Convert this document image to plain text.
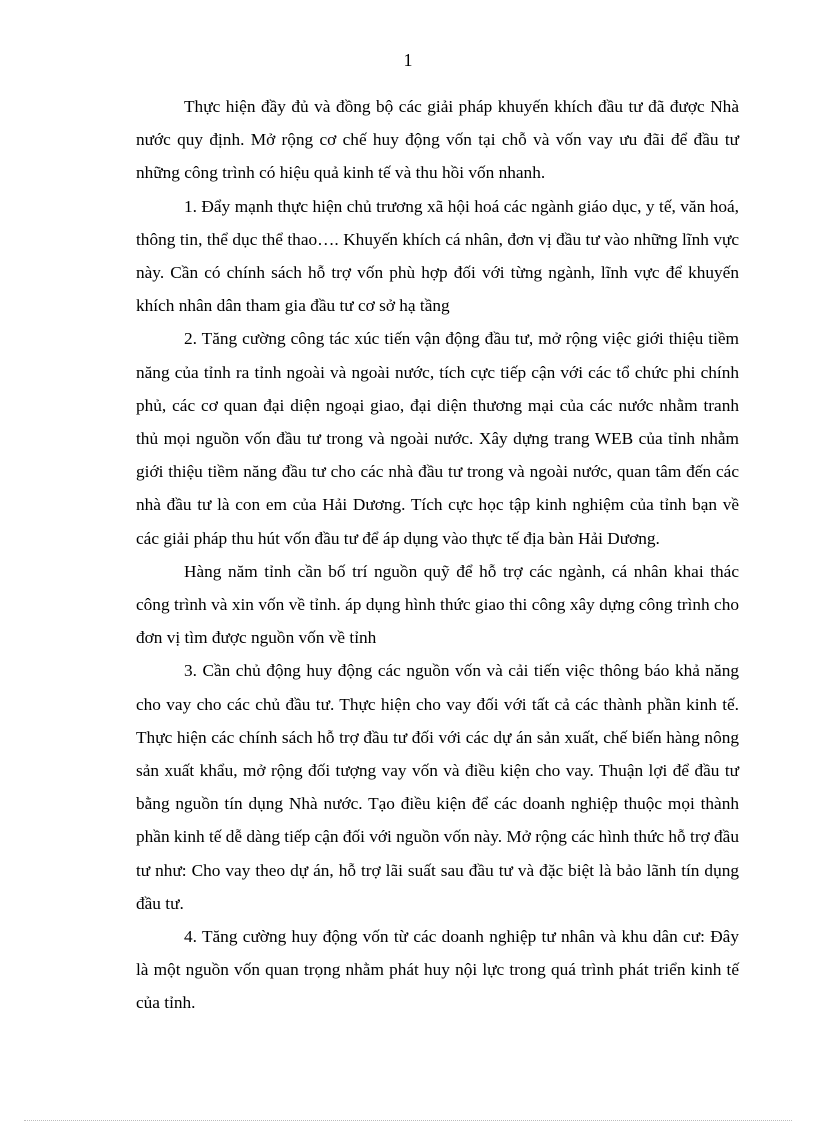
1

Thực hiện đầy đủ và đồng bộ các giải pháp khuyến khích đầu tư đã được Nhà nước quy định. Mở rộng cơ chế huy động vốn tại chỗ và vốn vay ưu đãi để đầu tư những công trình có hiệu quả kinh tế và thu hồi vốn nhanh.

1. Đẩy mạnh thực hiện chủ trương xã hội hoá các ngành giáo dục, y tế, văn hoá, thông tin, thể dục thể thao…. Khuyến khích cá nhân, đơn vị đầu tư vào những lĩnh vực này. Cần có chính sách hỗ trợ vốn phù hợp đối với từng ngành, lĩnh vực để khuyến khích nhân dân tham gia đầu tư cơ sở hạ tầng

2. Tăng cường công tác xúc tiến vận động đầu tư, mở rộng việc giới thiệu tiềm năng của tỉnh ra tỉnh ngoài và ngoài nước, tích cực tiếp cận với các tổ chức phi chính phủ, các cơ quan đại diện ngoại giao, đại diện thương mại của các nước nhằm tranh thủ mọi nguồn vốn đầu tư trong và ngoài nước. Xây dựng trang WEB của tỉnh nhằm giới thiệu tiềm năng đầu tư cho các nhà đầu tư trong và ngoài nước, quan tâm đến các nhà đầu tư là con em của Hải Dương. Tích cực học tập kinh nghiệm của tỉnh bạn về các giải pháp thu hút vốn đầu tư để áp dụng vào thực tế địa bàn Hải Dương.

Hàng năm tỉnh cần bố trí nguồn quỹ để hỗ trợ các ngành, cá nhân khai thác công trình và xin vốn về tỉnh. áp dụng hình thức giao thi công xây dựng công trình cho đơn vị tìm được nguồn vốn về tỉnh

3. Cần chủ động huy động các nguồn vốn và cải tiến việc thông báo khả năng cho vay cho các chủ đầu tư. Thực hiện cho vay đối với tất cả các thành phần kinh tế. Thực hiện các chính sách hỗ trợ đầu tư đối với các dự án sản xuất, chế biến hàng nông sản xuất khẩu, mở rộng đối tượng vay vốn và điều kiện cho vay. Thuận lợi để đầu tư bằng nguồn tín dụng Nhà nước. Tạo điều kiện để các doanh nghiệp thuộc mọi thành phần kinh tế dễ dàng tiếp cận đối với nguồn vốn này. Mở rộng các hình thức hỗ trợ đầu tư như: Cho vay theo dự án, hỗ trợ lãi suất sau đầu tư và đặc biệt là bảo lãnh tín dụng đầu tư.

4. Tăng cường huy động vốn từ các doanh nghiệp tư nhân và khu dân cư: Đây là một nguồn vốn quan trọng nhằm phát huy nội lực trong quá trình phát triển kinh tế của tỉnh.
